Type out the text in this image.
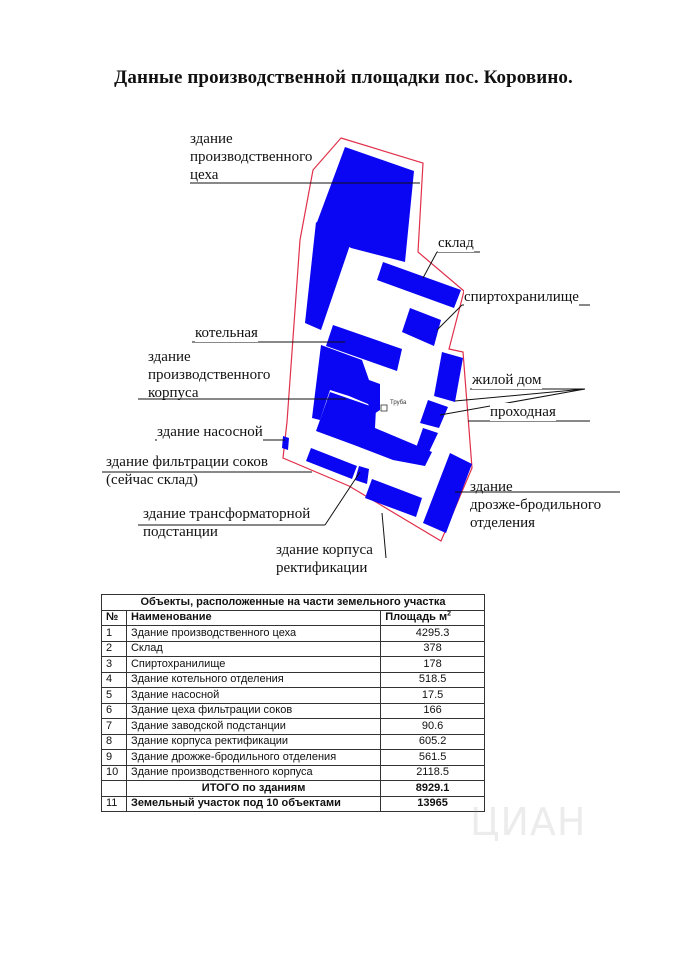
Данные производственной площадки пос. Коровино.
Труба
здание
производственного
цеха
склад
спиртохранилище
котельная
здание
производственного
корпуса
жилой дом
проходная
здание насосной
здание фильтрации соков
(сейчас склад)	здание
дрозже-бродильного
отделения
здание трансформаторной
подстанции
здание корпуса
ректификации
Объекты, расположенные на части земельного участка		
№	Наименование	Площадь $м^2$
1	Здание производственного цеха	4295.3
2	Склад	378
3	Спиртохранилище	178
4	Здание котельного отделения	518.5
5	Здание насосной	17.5
6	Здание цеха фильтрации соков	166
7	Здание заводской подстанции	90.6
8	Здание корпуса ректификации	605.2
9	Здание дрожже-бродильного отделения	561.5
10	Здание производственного корпуса	2118.5
	ИТОГО по зданиям	8929.1
11	Земельный участок под 10 объектами	13965 ЦИАН
